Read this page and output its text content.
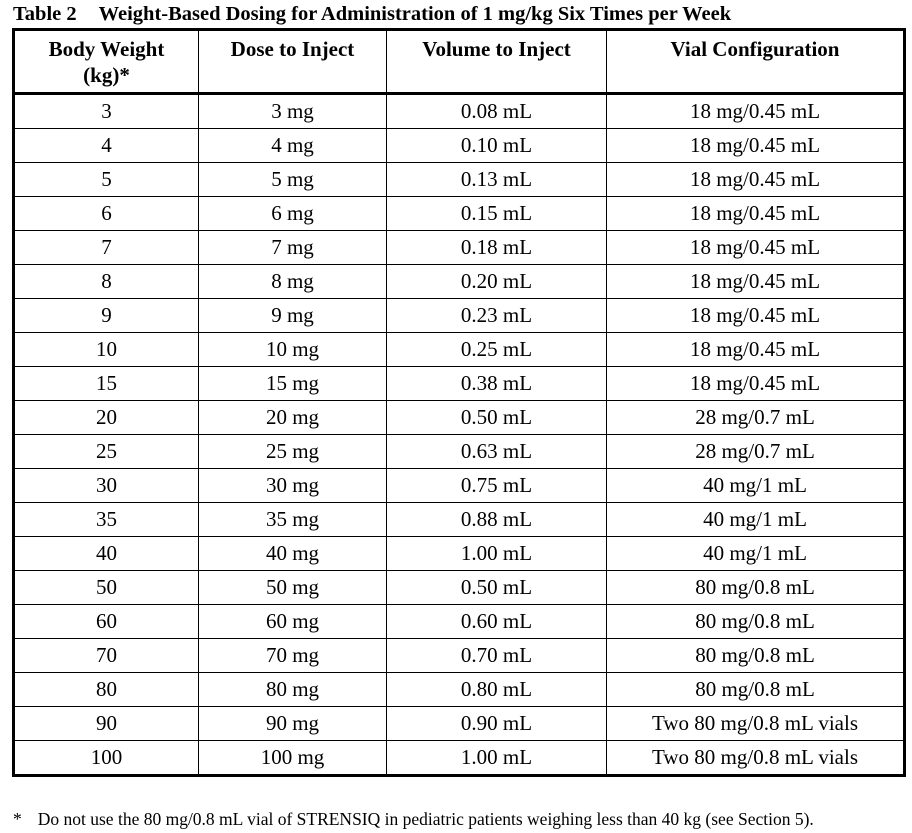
Table 2 Weight-Based Dosing for Administration of 1 mg/kg Six Times per Week
Body Weight (kg)*	Dose to Inject	Volume to Inject	Vial Configuration
3	3 mg	0.08 mL	18 mg/0.45 mL
4	4 mg	0.10 mL	18 mg/0.45 mL
5	5 mg	0.13 mL	18 mg/0.45 mL
6	6 mg	0.15 mL	18 mg/0.45 mL
7	7 mg	0.18 mL	18 mg/0.45 mL
8	8 mg	0.20 mL	18 mg/0.45 mL
9	9 mg	0.23 mL	18 mg/0.45 mL
10	10 mg	0.25 mL	18 mg/0.45 mL
15	15 mg	0.38 mL	18 mg/0.45 mL
20	20 mg	0.50 mL	28 mg/0.7 mL
25	25 mg	0.63 mL	28 mg/0.7 mL
30	30 mg	0.75 mL	40 mg/1 mL
35	35 mg	0.88 mL	40 mg/1 mL
40	40 mg	1.00 mL	40 mg/1 mL
50	50 mg	0.50 mL	80 mg/0.8 mL
60	60 mg	0.60 mL	80 mg/0.8 mL
70	70 mg	0.70 mL	80 mg/0.8 mL
80	80 mg	0.80 mL	80 mg/0.8 mL
90	90 mg	0.90 mL	Two 80 mg/0.8 mL vials
100	100 mg	1.00 mL	Two 80 mg/0.8 mL vials
* Do not use the 80 mg/0.8 mL vial of STRENSIQ in pediatric patients weighing less than 40 kg (see Section 5).
